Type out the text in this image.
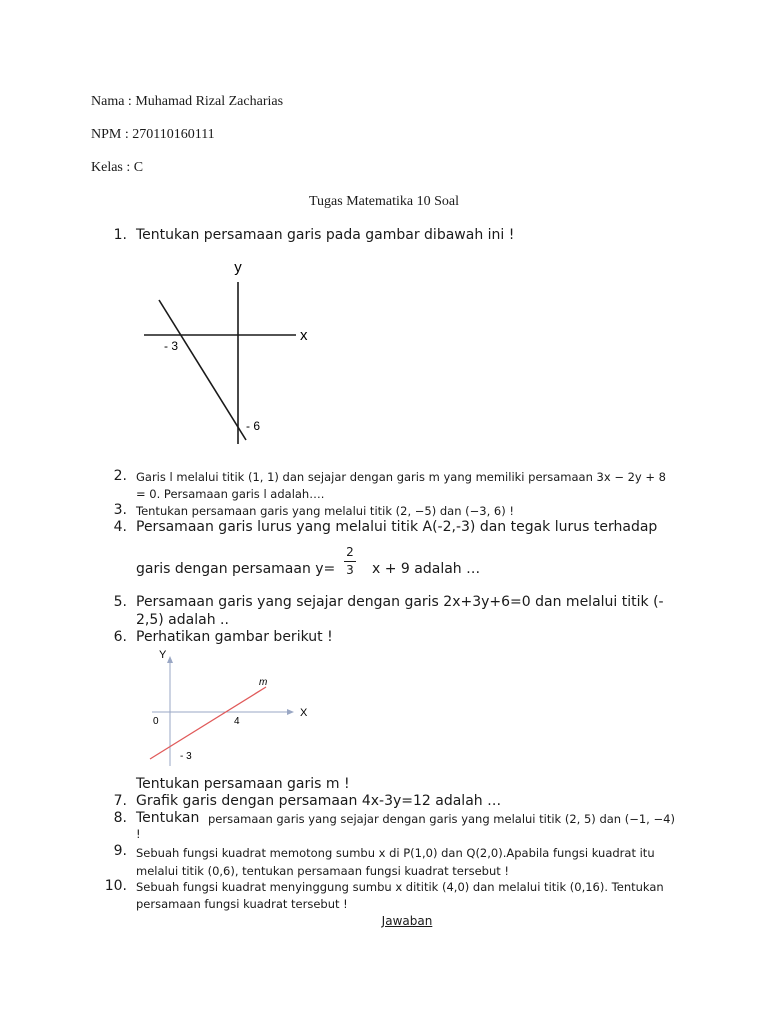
Nama : Muhamad Rizal Zacharias
NPM : 270110160111
Kelas : C
Tugas Matematika 10 Soal
1. Tentukan persamaan garis pada gambar dibawah ini !
y
x
- 3
- 6
2. Garis l melalui titik (1, 1) dan sejajar dengan garis m yang memiliki persamaan 3x − 2y + 8
= 0. Persamaan garis l adalah….
3. Tentukan persamaan garis yang melalui titik (2, −5) dan (−3, 6) !
4. Persamaan garis lurus yang melalui titik A(-2,-3) dan tegak lurus terhadap
garis dengan persamaan y=
2
3 x + 9 adalah …
5. Persamaan garis yang sejajar dengan garis 2x+3y+6=0 dan melalui titik (-
2,5) adalah ..
6. Perhatikan gambar berikut !
Y
X
0	4
- 3
m
Tentukan persamaan garis m !
7. Grafik garis dengan persamaan 4x-3y=12 adalah …
8. Tentukan persamaan garis yang sejajar dengan garis yang melalui titik (2, 5) dan (−1, −4)
!
9. Sebuah fungsi kuadrat memotong sumbu x di P(1,0) dan Q(2,0).Apabila fungsi kuadrat itu
melalui titik (0,6), tentukan persamaan fungsi kuadrat tersebut !
10. Sebuah fungsi kuadrat menyinggung sumbu x dititik (4,0) dan melalui titik (0,16). Tentukan
persamaan fungsi kuadrat tersebut !
Jawaban
